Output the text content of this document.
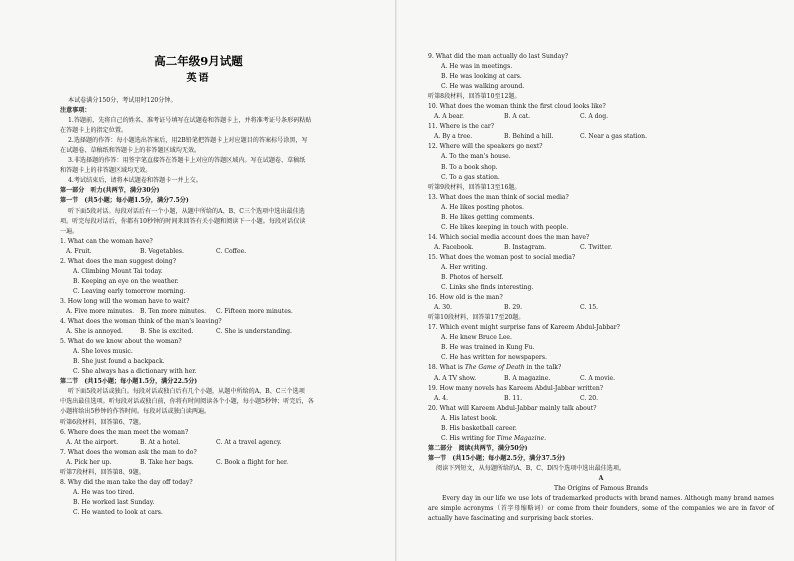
高二年级9月试题
英语
本试卷满分150分，考试用时120分钟。
注意事项：
1.答题前，先将自己的姓名、准考证号填写在试题卷和答题卡上，并将准考证号条形码粘贴
在答题卡上的指定位置。
2.选择题的作答：每小题选出答案后，用2B铅笔把答题卡上对应题目的答案标号涂黑，写
在试题卷、草稿纸和答题卡上的非答题区域均无效。
3.非选择题的作答：用签字笔直接答在答题卡上对应的答题区域内。写在试题卷、草稿纸
和答题卡上的非答题区域均无效。
4.考试结束后，请将本试题卷和答题卡一并上交。
第一部分　听力(共两节，满分30分)
第一节　(共5小题；每小题1.5分，满分7.5分)
听下面5段对话。每段对话后有一个小题，从题中所给的A、B、C三个选项中选出最佳选
项。听完每段对话后，你都有10秒钟的时间来回答有关小题和阅读下一小题。每段对话仅读
一遍。
1. What can the woman have?
A. Fruit.	B. Vegetables.	C. Coffee.
2. What does the man suggest doing?
A. Climbing Mount Tai today.
B. Keeping an eye on the weather.
C. Leaving early tomorrow morning.
3. How long will the woman have to wait?
A. Five more minutes. B. Ten more minutes.	C. Fifteen more minutes.
4. What does the woman think of the man's leaving?
A. She is annoyed.	B. She is excited.	C. She is understanding.
5. What do we know about the woman?
A. She loves music.
B. She just found a backpack.
C. She always has a dictionary with her.
第二节　(共15小题；每小题1.5分，满分22.5分)
听下面5段对话或独白。每段对话或独白后有几个小题，从题中所给的A、B、C三个选项
中选出最佳选项。听每段对话或独白前，你将有时间阅读各个小题，每小题5秒钟；听完后，各
小题将给出5秒钟的作答时间。每段对话或独白读两遍。
听第6段材料，回答第6、7题。
6. Where does the man meet the woman?
A. At the airport.	B. At a hotel.	C. At a travel agency.
7. What does the woman ask the man to do?
A. Pick her up.	B. Take her bags.	C. Book a flight for her.
听第7段材料，回答第8、9题。
8. Why did the man take the day off today?
A. He was too tired.
B. He worked last Sunday.
C. He wanted to look at cars.
9. What did the man actually do last Sunday?
A. He was in meetings.
B. He was looking at cars.
C. He was walking around.
听第8段材料，回答第10至12题。
10. What does the woman think the first cloud looks like?
A. A bear.	B. A cat.	C. A dog.
11. Where is the car?
A. By a tree.	B. Behind a hill.	C. Near a gas station.
12. Where will the speakers go next?
A. To the man's house.
B. To a book shop.
C. To a gas station.
听第9段材料，回答第13至16题。
13. What does the man think of social media?
A. He likes posting photos.
B. He likes getting comments.
C. He likes keeping in touch with people.
14. Which social media account does the man have?
A. Facebook.	B. Instagram.	C. Twitter.
15. What does the woman post to social media?
A. Her writing.
B. Photos of herself.
C. Links she finds interesting.
16. How old is the man?
A. 30.	B. 29.	C. 15.
听第10段材料，回答第17至20题。
17. Which event might surprise fans of Kareem Abdul-Jabbar?
A. He knew Bruce Lee.
B. He was trained in Kung Fu.
C. He has written for newspapers.
18. What is The Game of Death in the talk?
A. A TV show.	B. A magazine.	C. A movie.
19. How many novels has Kareem Abdul-Jabbar written?
A. 4.	B. 11.	C. 20.
20. What will Kareem Abdul-Jabbar mainly talk about?
A. His latest book.
B. His basketball career.
C. His writing for Time Magazine.
第二部分　阅读(共两节，满分50分)
第一节　(共15小题；每小题2.5分，满分37.5分)
阅读下列短文，从每题所给的A、B、C、D四个选项中选出最佳选项。
A
The Origins of Famous Brands
Every day in our life we use lots of trademarked products with brand names. Although many brand names are simple acronyms（首字母缩略词）or come from their founders, some of the companies we are in favor of actually have fascinating and surprising back stories.
